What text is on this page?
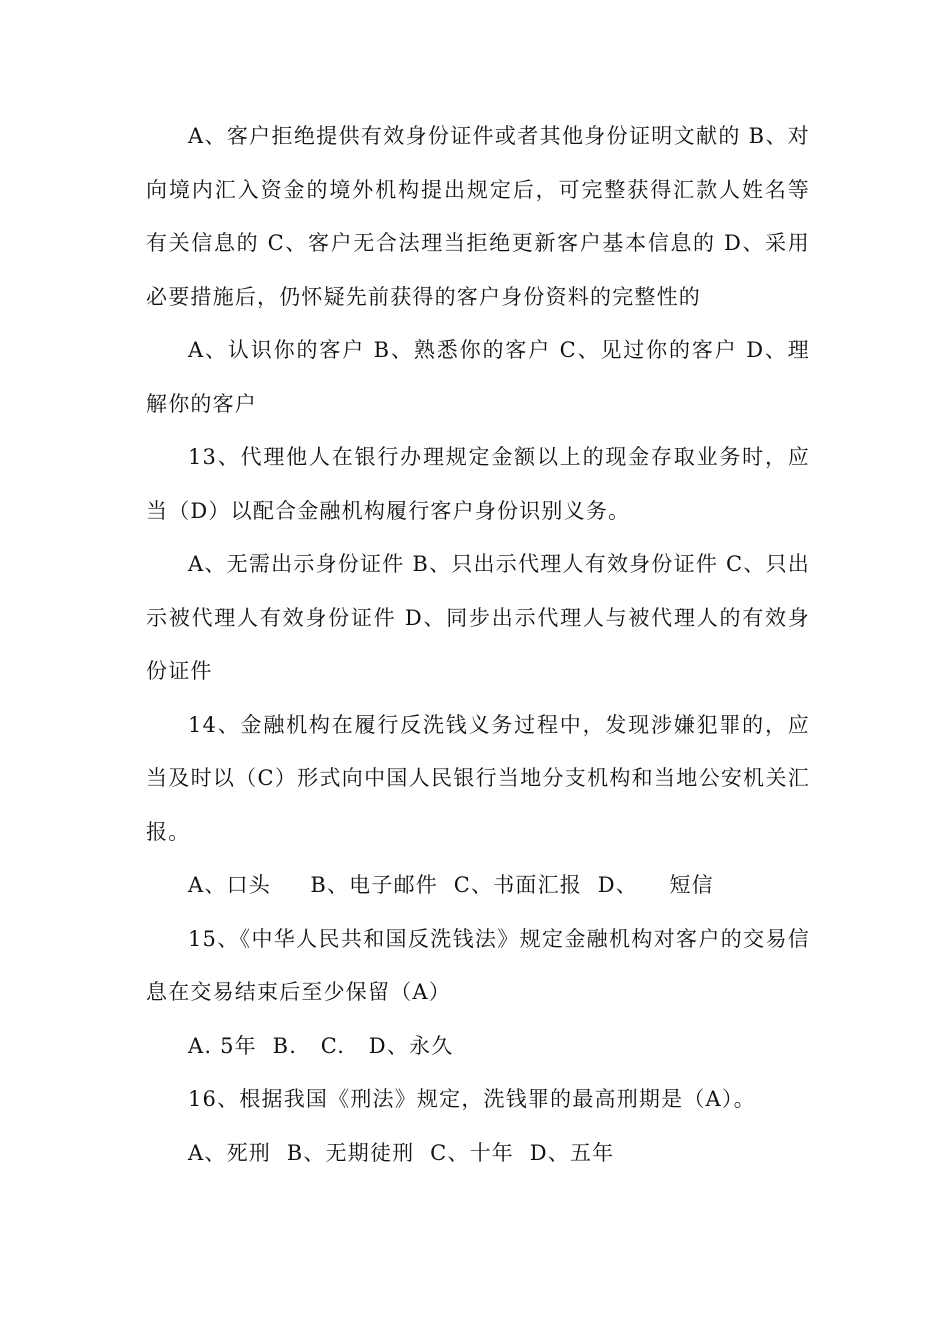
A、客户拒绝提供有效身份证件或者其他身份证明文献的 B、对向境内汇入资金的境外机构提出规定后，可完整获得汇款人姓名等有关信息的 C、客户无合法理当拒绝更新客户基本信息的 D、采用必要措施后，仍怀疑先前获得的客户身份资料的完整性的

A、认识你的客户 B、熟悉你的客户 C、见过你的客户 D、理解你的客户

13、代理他人在银行办理规定金额以上的现金存取业务时，应当（D）以配合金融机构履行客户身份识别义务。

A、无需出示身份证件 B、只出示代理人有效身份证件 C、只出示被代理人有效身份证件 D、同步出示代理人与被代理人的有效身份证件

14、金融机构在履行反洗钱义务过程中，发现涉嫌犯罪的，应当及时以（C）形式向中国人民银行当地分支机构和当地公安机关汇报。

A、口头     B、电子邮件  C、书面汇报  D、    短信

15、《中华人民共和国反洗钱法》规定金融机构对客户的交易信息在交易结束后至少保留（A）

A. 5年  B.   C.   D、永久

16、根据我国《刑法》规定，洗钱罪的最高刑期是（A）。

A、死刑  B、无期徒刑  C、十年  D、五年
